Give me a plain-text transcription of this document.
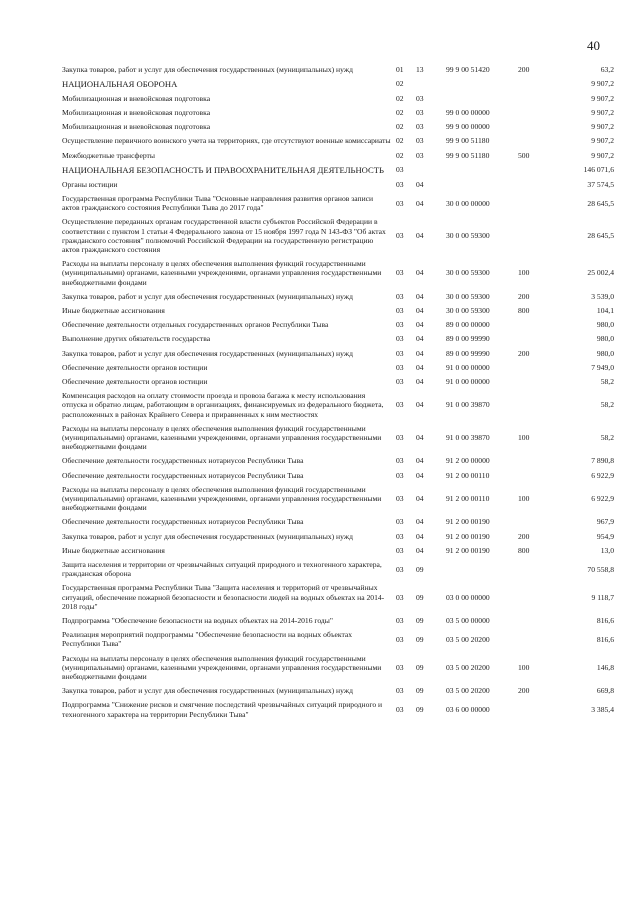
40
Закупка товаров, работ и услуг для обеспечения государственных (муниципальных) нужд	01	13	99 9 00 51420	200	63,2
НАЦИОНАЛЬНАЯ ОБОРОНА	02				9 907,2
Мобилизационная и вневойсковая подготовка	02	03			9 907,2
Мобилизационная и вневойсковая подготовка	02	03	99 0 00 00000		9 907,2
Мобилизационная и вневойсковая подготовка	02	03	99 9 00 00000		9 907,2
Осуществление первичного воинского учета на территориях, где отсутствуют военные комиссариаты	02	03	99 9 00 51180		9 907,2
Межбюджетные трансферты	02	03	99 9 00 51180	500	9 907,2
НАЦИОНАЛЬНАЯ БЕЗОПАСНОСТЬ И ПРАВООХРАНИТЕЛЬНАЯ ДЕЯТЕЛЬНОСТЬ	03				146 071,6
Органы юстиции	03	04			37 574,5
Государственная программа Республики Тыва "Основные направления развития органов записи актов гражданского состояния Республики Тыва до 2017 года"	03	04	30 0 00 00000		28 645,5
Осуществление переданных органам государственной власти субъектов Российской Федерации в соответствии с пунктом 1 статьи 4 Федерального закона от 15 ноября 1997 года N 143-ФЗ "Об актах гражданского состояния" полномочий Российской Федерации на государственную регистрацию актов гражданского состояния	03	04	30 0 00 59300		28 645,5
Расходы на выплаты персоналу в целях обеспечения выполнения функций государственными (муниципальными) органами, казенными учреждениями, органами управления государственными внебюджетными фондами	03	04	30 0 00 59300	100	25 002,4
Закупка товаров, работ и услуг для обеспечения государственных (муниципальных) нужд	03	04	30 0 00 59300	200	3 539,0
Иные бюджетные ассигнования	03	04	30 0 00 59300	800	104,1
Обеспечение деятельности отдельных государственных органов Республики Тыва	03	04	89 0 00 00000		980,0
Выполнение других обязательств государства	03	04	89 0 00 99990		980,0
Закупка товаров, работ и услуг для обеспечения государственных (муниципальных) нужд	03	04	89 0 00 99990	200	980,0
Обеспечение деятельности органов юстиции	03	04	91 0 00 00000		7 949,0
Обеспечение деятельности органов юстиции	03	04	91 0 00 00000		58,2
Компенсация расходов на оплату стоимости проезда и провоза багажа к месту использования отпуска и обратно лицам, работающим в организациях, финансируемых из федерального бюджета, расположенных в районах Крайнего Севера и приравненных к ним местностях	03	04	91 0 00 39870		58,2
Расходы на выплаты персоналу в целях обеспечения выполнения функций государственными (муниципальными) органами, казенными учреждениями, органами управления государственными внебюджетными фондами	03	04	91 0 00 39870	100	58,2
Обеспечение деятельности государственных нотариусов Республики Тыва	03	04	91 2 00 00000		7 890,8
Обеспечение деятельности государственных нотариусов Республики Тыва	03	04	91 2 00 00110		6 922,9
Расходы на выплаты персоналу в целях обеспечения выполнения функций государственными (муниципальными) органами, казенными учреждениями, органами управления государственными внебюджетными фондами	03	04	91 2 00 00110	100	6 922,9
Обеспечение деятельности государственных нотариусов Республики Тыва	03	04	91 2 00 00190		967,9
Закупка товаров, работ и услуг для обеспечения государственных (муниципальных) нужд	03	04	91 2 00 00190	200	954,9
Иные бюджетные ассигнования	03	04	91 2 00 00190	800	13,0
Защита населения и территории от чрезвычайных ситуаций природного и техногенного характера, гражданская оборона	03	09			70 558,8
Государственная программа Республики Тыва "Защита населения и территорий от чрезвычайных ситуаций, обеспечение пожарной безопасности и безопасности людей на водных объектах на 2014-2018 годы"	03	09	03 0 00 00000		9 118,7
Подпрограмма "Обеспечение безопасности на водных объектах на 2014-2016 годы"	03	09	03 5 00 00000		816,6
Реализация мероприятий подпрограммы "Обеспечение безопасности на водных объектах Республики Тыва"	03	09	03 5 00 20200		816,6
Расходы на выплаты персоналу в целях обеспечения выполнения функций государственными (муниципальными) органами, казенными учреждениями, органами управления государственными внебюджетными фондами	03	09	03 5 00 20200	100	146,8
Закупка товаров, работ и услуг для обеспечения государственных (муниципальных) нужд	03	09	03 5 00 20200	200	669,8
Подпрограмма "Снижение рисков и смягчение последствий чрезвычайных ситуаций природного и техногенного характера на территории Республики Тыва"	03	09	03 6 00 00000		3 385,4
